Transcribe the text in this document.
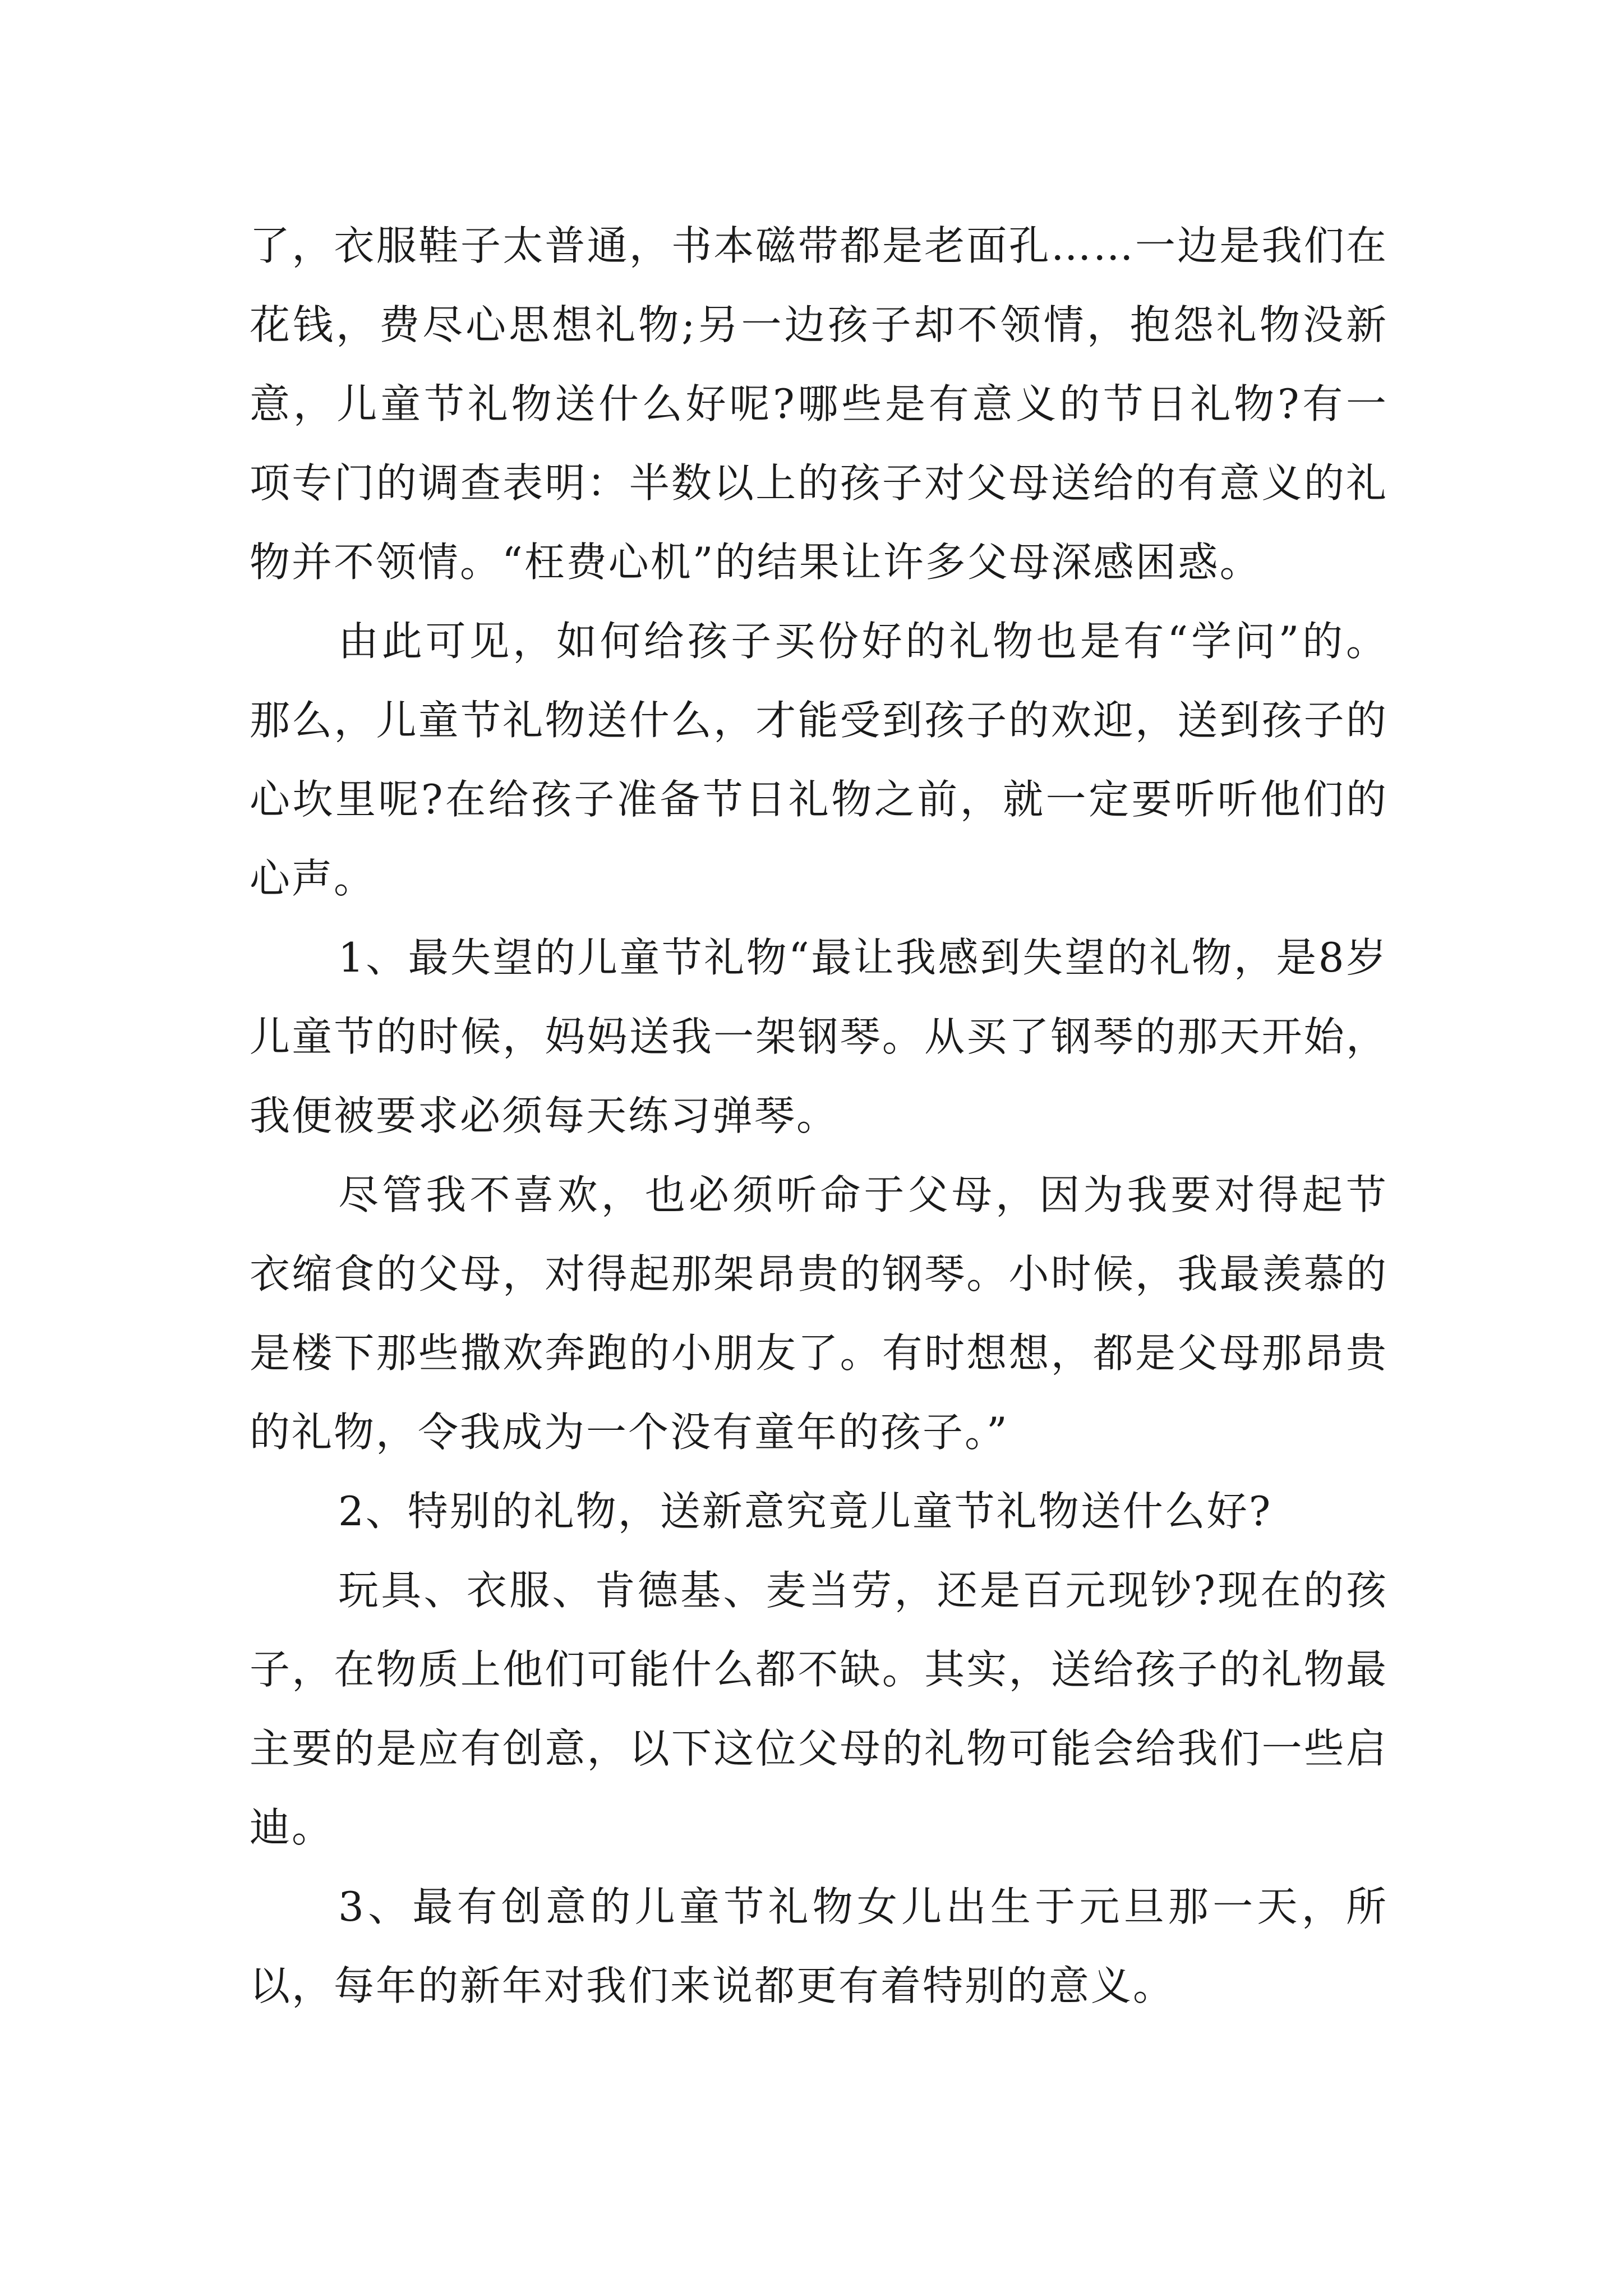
了，衣服鞋子太普通，书本磁带都是老面孔……一边是我们在花钱，费尽心思想礼物;另一边孩子却不领情，抱怨礼物没新意，儿童节礼物送什么好呢?哪些是有意义的节日礼物?有一项专门的调查表明：半数以上的孩子对父母送给的有意义的礼物并不领情。“枉费心机”的结果让许多父母深感困惑。

由此可见，如何给孩子买份好的礼物也是有“学问”的。那么，儿童节礼物送什么，才能受到孩子的欢迎，送到孩子的心坎里呢?在给孩子准备节日礼物之前，就一定要听听他们的心声。

1、最失望的儿童节礼物“最让我感到失望的礼物，是8岁儿童节的时候，妈妈送我一架钢琴。从买了钢琴的那天开始，我便被要求必须每天练习弹琴。

尽管我不喜欢，也必须听命于父母，因为我要对得起节衣缩食的父母，对得起那架昂贵的钢琴。小时候，我最羡慕的是楼下那些撒欢奔跑的小朋友了。有时想想，都是父母那昂贵的礼物，令我成为一个没有童年的孩子。”

2、特别的礼物，送新意究竟儿童节礼物送什么好?

玩具、衣服、肯德基、麦当劳，还是百元现钞?现在的孩子，在物质上他们可能什么都不缺。其实，送给孩子的礼物最主要的是应有创意，以下这位父母的礼物可能会给我们一些启迪。

3、最有创意的儿童节礼物女儿出生于元旦那一天，所以，每年的新年对我们来说都更有着特别的意义。
